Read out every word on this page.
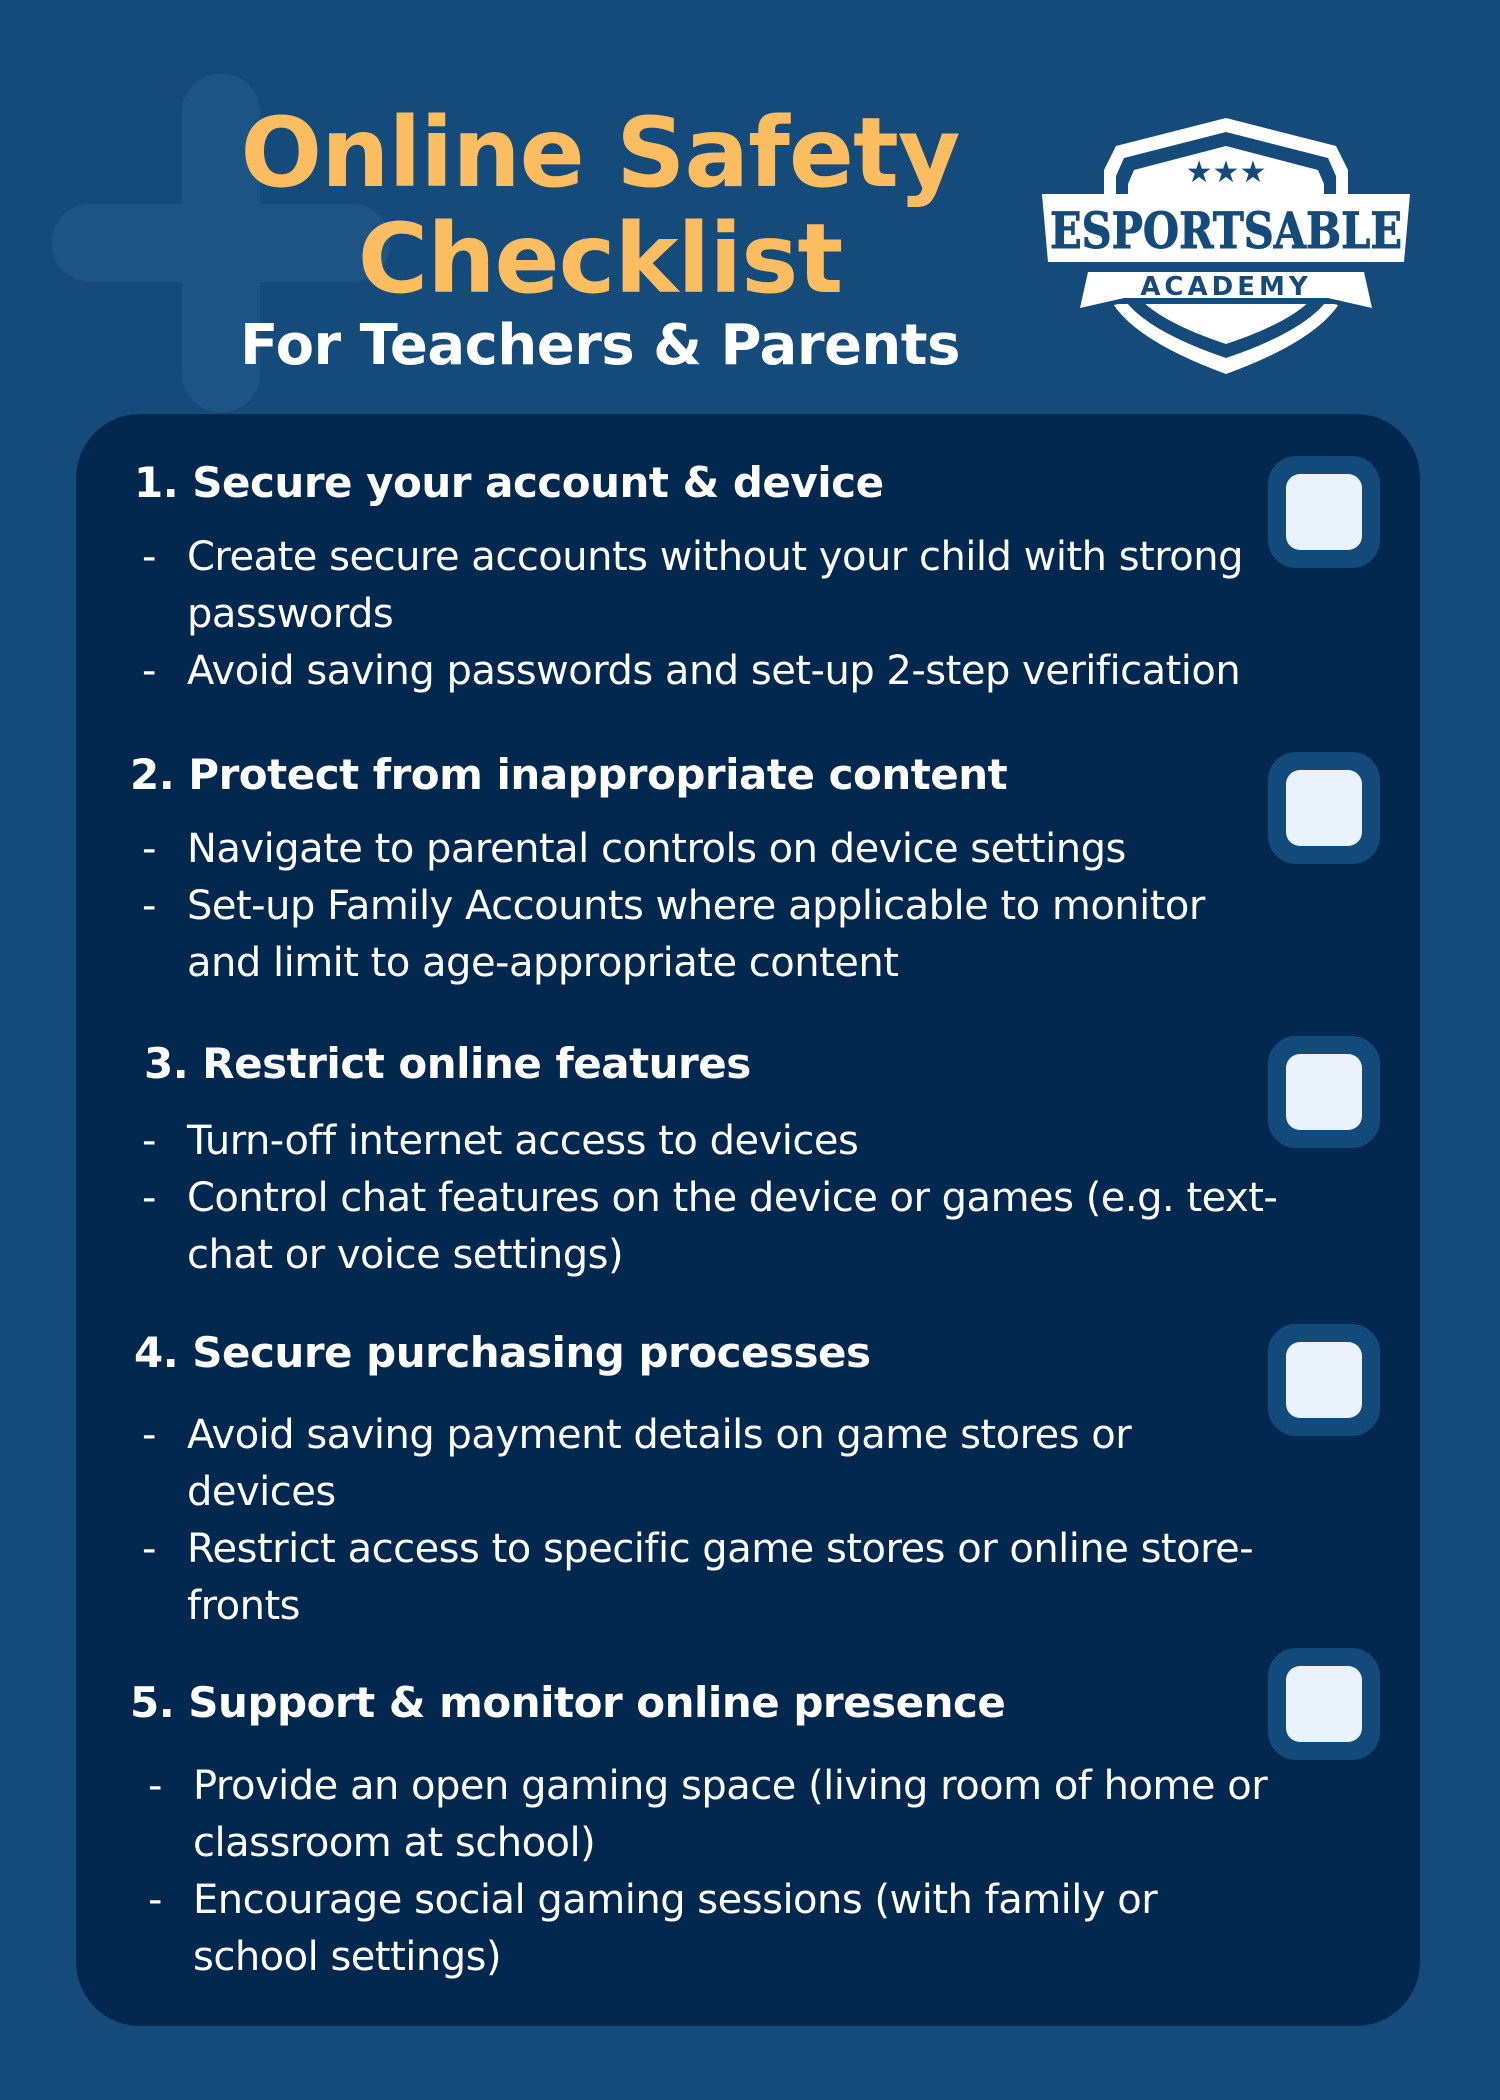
Online Safety
Checklist
For Teachers & Parents
★★★
ESPORTSABLE
ACADEMY
1. Secure your account & device
- Create secure accounts without your child with strong passwords
- Avoid saving passwords and set-up 2-step verification
2. Protect from inappropriate content
- Navigate to parental controls on device settings
- Set-up Family Accounts where applicable to monitor and limit to age-appropriate content
3. Restrict online features
- Turn-off internet access to devices
- Control chat features on the device or games (e.g. text-chat or voice settings)
4. Secure purchasing processes
- Avoid saving payment details on game stores or devices
- Restrict access to specific game stores or online store-fronts
5. Support & monitor online presence
- Provide an open gaming space (living room of home or classroom at school)
- Encourage social gaming sessions (with family or school settings)
